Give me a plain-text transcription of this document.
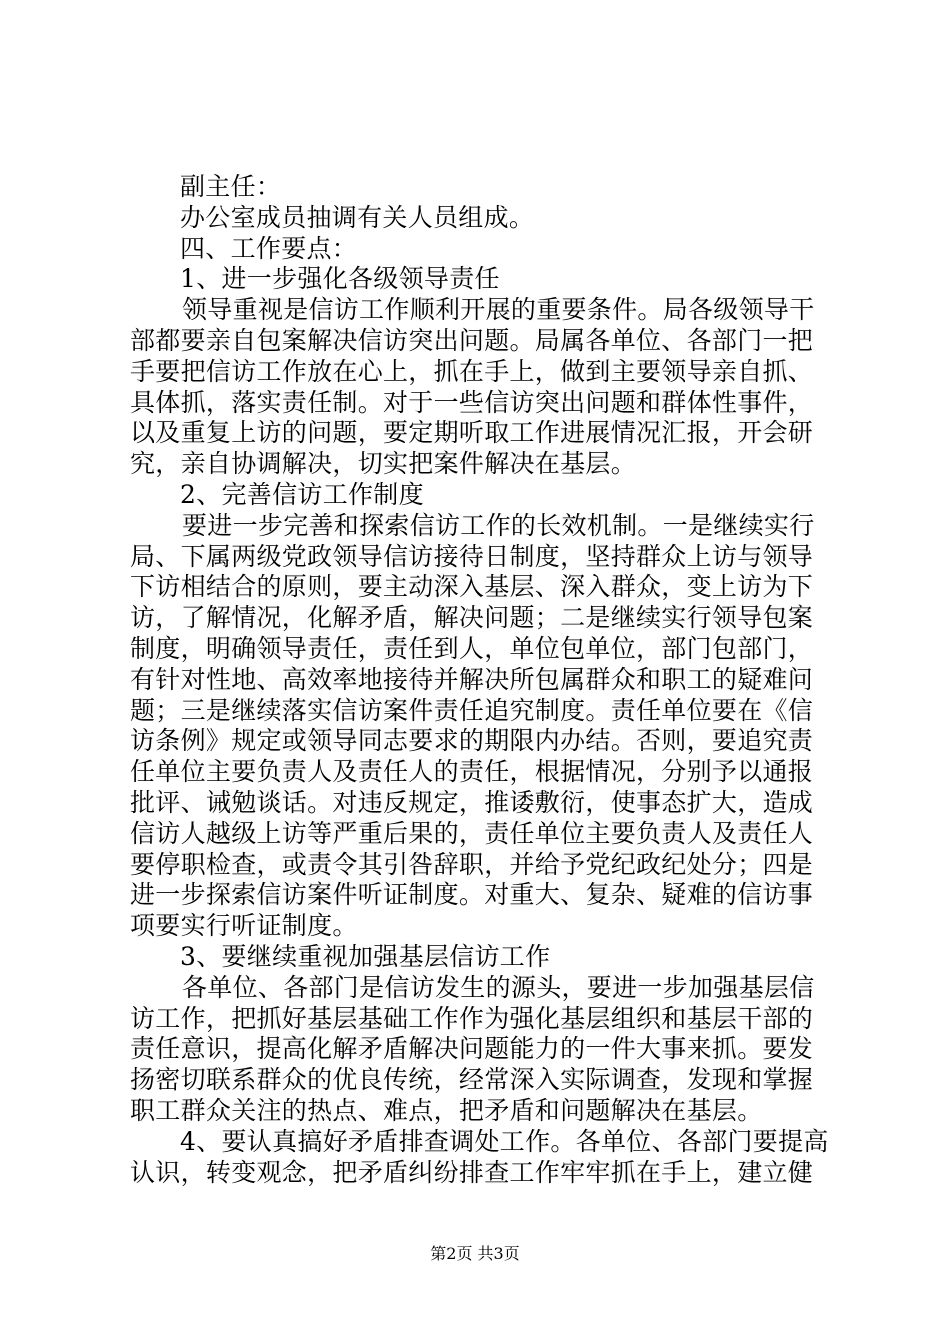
副主任：
办公室成员抽调有关人员组成。
四、工作要点：
1、进一步强化各级领导责任
领导重视是信访工作顺利开展的重要条件。局各级领导干
部都要亲自包案解决信访突出问题。局属各单位、各部门一把
手要把信访工作放在心上，抓在手上，做到主要领导亲自抓、
具体抓，落实责任制。对于一些信访突出问题和群体性事件，
以及重复上访的问题，要定期听取工作进展情况汇报，开会研
究，亲自协调解决，切实把案件解决在基层。
2、完善信访工作制度
要进一步完善和探索信访工作的长效机制。一是继续实行
局、下属两级党政领导信访接待日制度，坚持群众上访与领导
下访相结合的原则，要主动深入基层、深入群众，变上访为下
访，了解情况，化解矛盾，解决问题；二是继续实行领导包案
制度，明确领导责任，责任到人，单位包单位，部门包部门，
有针对性地、高效率地接待并解决所包属群众和职工的疑难问
题；三是继续落实信访案件责任追究制度。责任单位要在《信
访条例》规定或领导同志要求的期限内办结。否则，要追究责
任单位主要负责人及责任人的责任，根据情况，分别予以通报
批评、诫勉谈话。对违反规定，推诿敷衍，使事态扩大，造成
信访人越级上访等严重后果的，责任单位主要负责人及责任人
要停职检查，或责令其引咎辞职，并给予党纪政纪处分；四是
进一步探索信访案件听证制度。对重大、复杂、疑难的信访事
项要实行听证制度。
3、要继续重视加强基层信访工作
各单位、各部门是信访发生的源头，要进一步加强基层信
访工作，把抓好基层基础工作作为强化基层组织和基层干部的
责任意识，提高化解矛盾解决问题能力的一件大事来抓。要发
扬密切联系群众的优良传统，经常深入实际调查，发现和掌握
职工群众关注的热点、难点，把矛盾和问题解决在基层。
4、要认真搞好矛盾排查调处工作。各单位、各部门要提高
认识，转变观念，把矛盾纠纷排查工作牢牢抓在手上，建立健
第2页 共3页
